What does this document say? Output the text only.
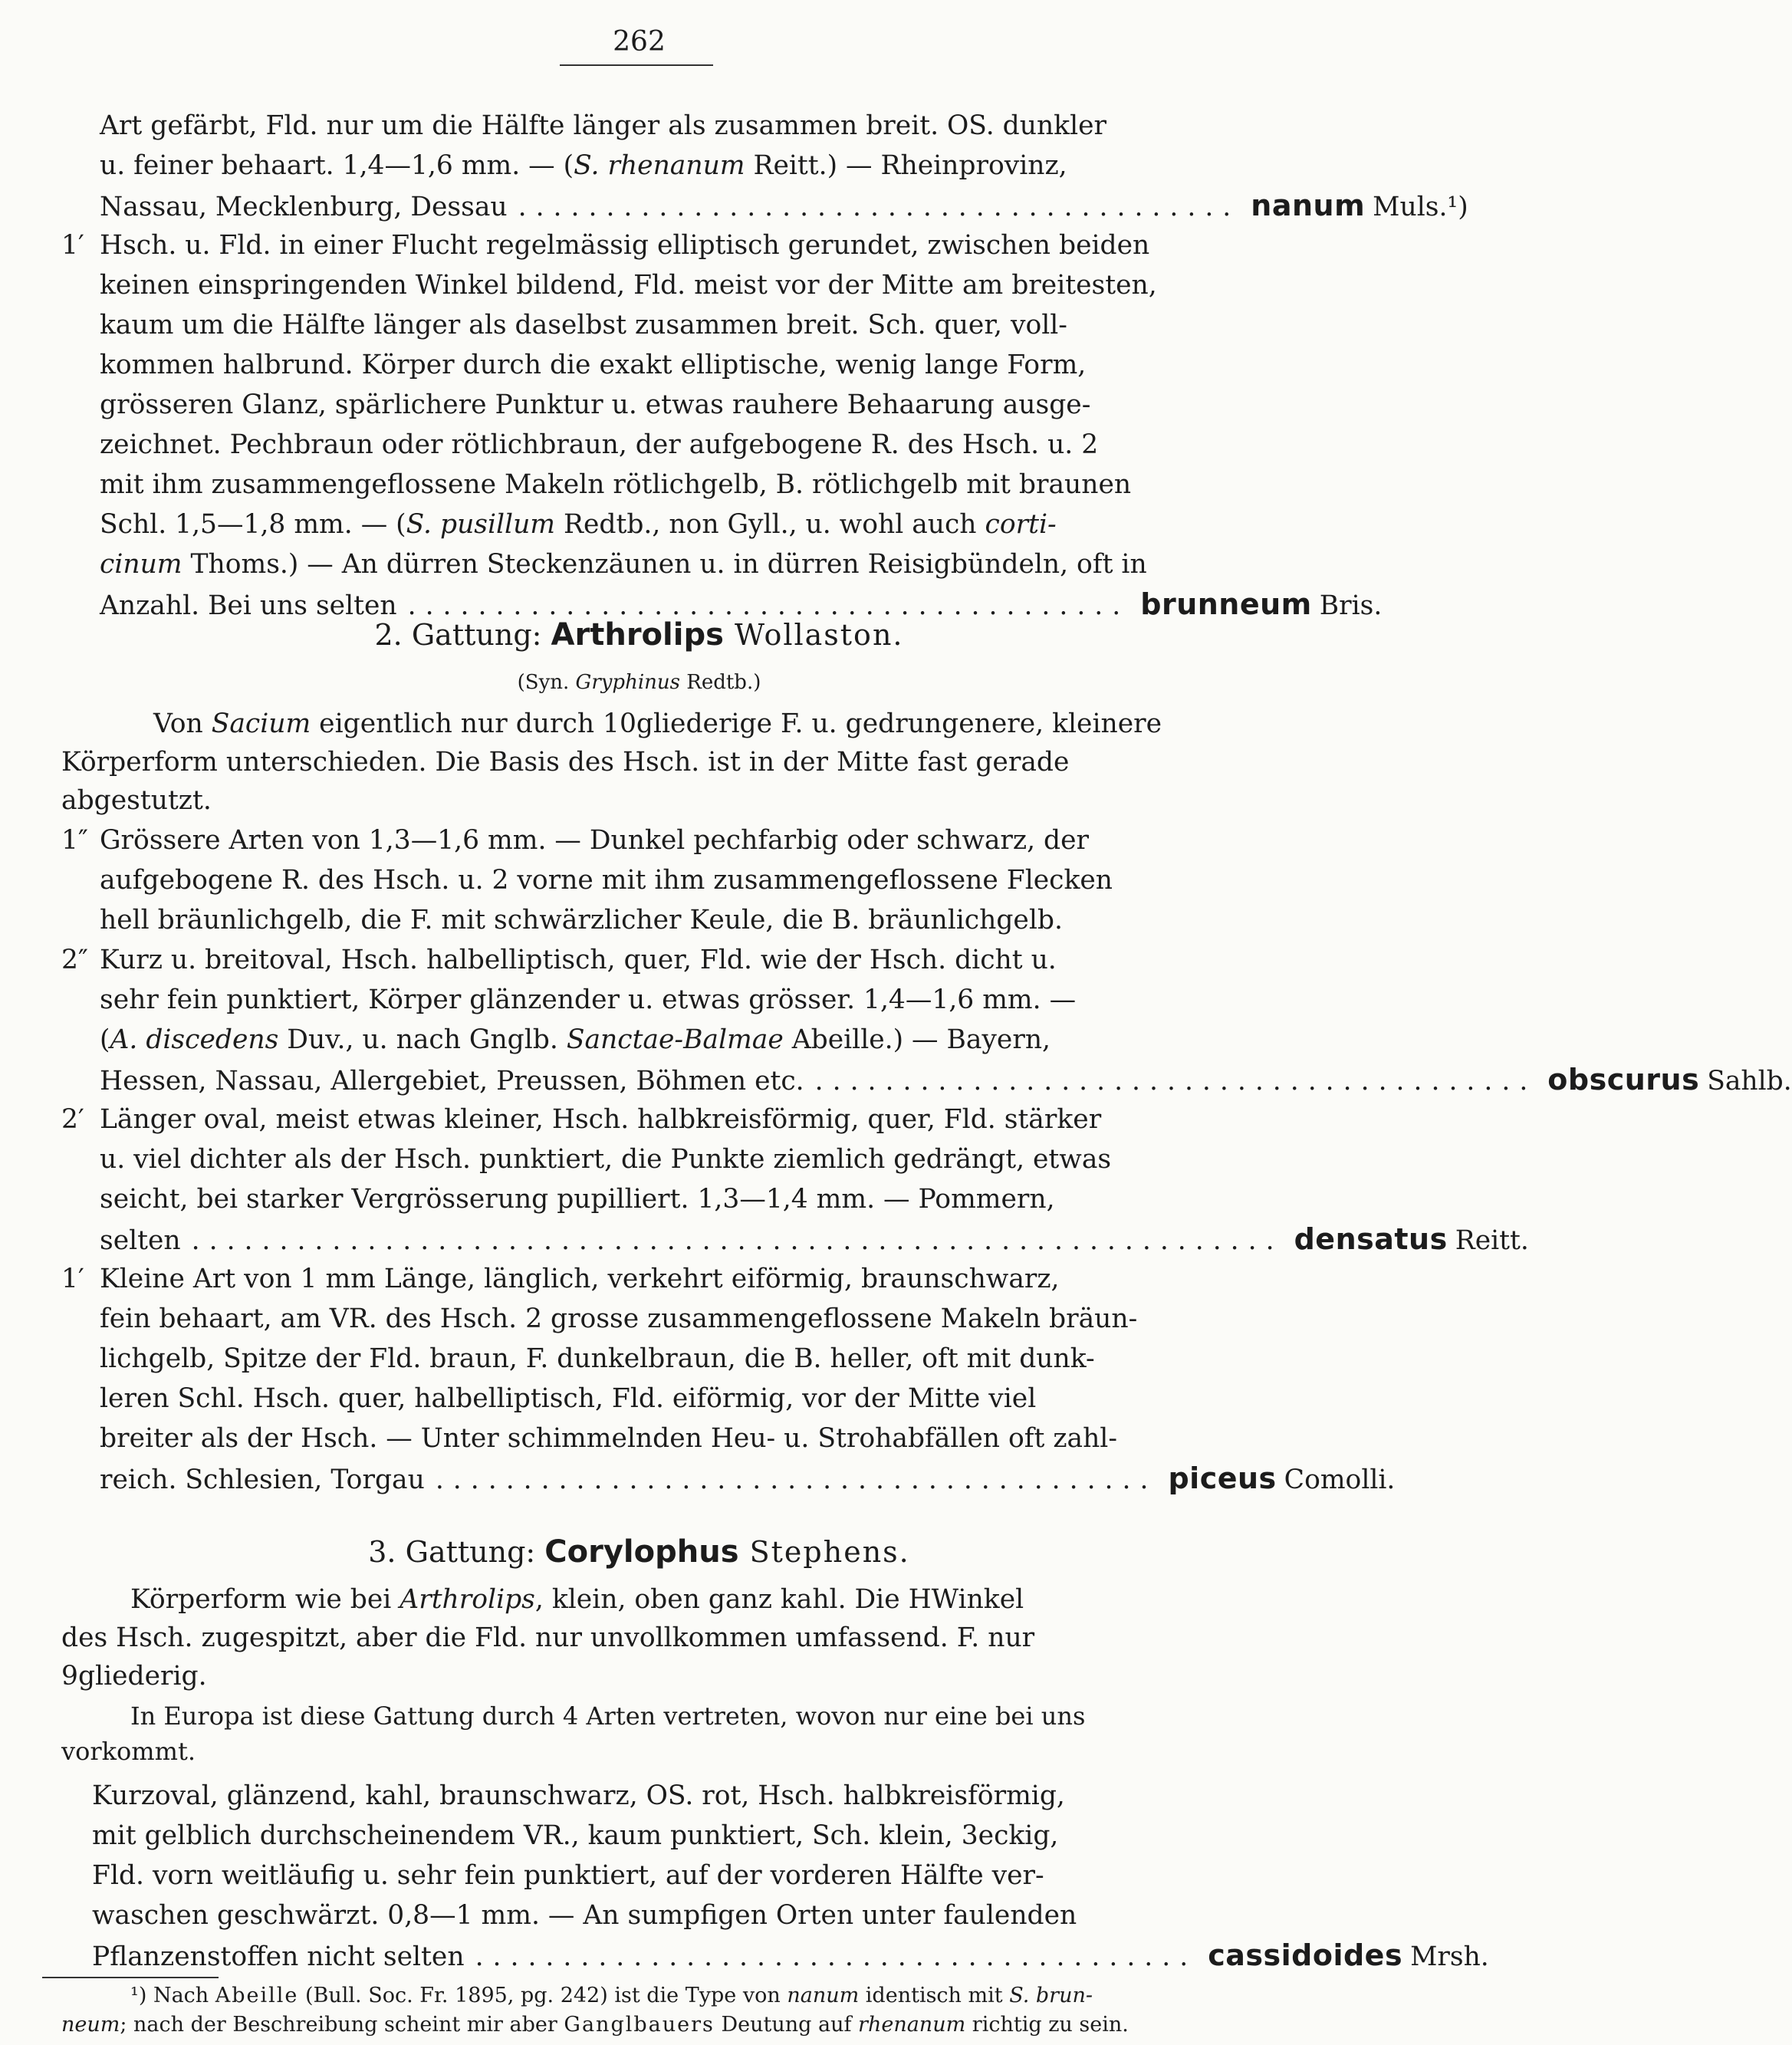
262
Art gefärbt, Fld. nur um die Hälfte länger als zusammen breit. OS. dunkler
u. feiner behaart. 1,4—1,6 mm. — (S. rhenanum Reitt.) — Rheinprovinz,
Nassau, Mecklenburg, Dessau ......................................... nanum Muls.¹)
1′ Hsch. u. Fld. in einer Flucht regelmässig elliptisch gerundet, zwischen beiden
keinen einspringenden Winkel bildend, Fld. meist vor der Mitte am breitesten,
kaum um die Hälfte länger als daselbst zusammen breit. Sch. quer, voll-
kommen halbrund. Körper durch die exakt elliptische, wenig lange Form,
grösseren Glanz, spärlichere Punktur u. etwas rauhere Behaarung ausge-
zeichnet. Pechbraun oder rötlichbraun, der aufgebogene R. des Hsch. u. 2
mit ihm zusammengeflossene Makeln rötlichgelb, B. rötlichgelb mit braunen
Schl. 1,5—1,8 mm. — (S. pusillum Redtb., non Gyll., u. wohl auch corti-
cinum Thoms.) — An dürren Steckenzäunen u. in dürren Reisigbündeln, oft in
Anzahl. Bei uns selten ......................................... brunneum Bris.
2. Gattung: Arthrolips Wollaston.
(Syn. Gryphinus Redtb.)
Von Sacium eigentlich nur durch 10gliederige F. u. gedrungenere, kleinere
Körperform unterschieden. Die Basis des Hsch. ist in der Mitte fast gerade
abgestutzt.
1″ Grössere Arten von 1,3—1,6 mm. — Dunkel pechfarbig oder schwarz, der
aufgebogene R. des Hsch. u. 2 vorne mit ihm zusammengeflossene Flecken
hell bräunlichgelb, die F. mit schwärzlicher Keule, die B. bräunlichgelb.
2″ Kurz u. breitoval, Hsch. halbelliptisch, quer, Fld. wie der Hsch. dicht u.
sehr fein punktiert, Körper glänzender u. etwas grösser. 1,4—1,6 mm. —
(A. discedens Duv., u. nach Gnglb. Sanctae-Balmae Abeille.) — Bayern,
Hessen, Nassau, Allergebiet, Preussen, Böhmen etc. ......................................... obscurus Sahlb.
2′ Länger oval, meist etwas kleiner, Hsch. halbkreisförmig, quer, Fld. stärker
u. viel dichter als der Hsch. punktiert, die Punkte ziemlich gedrängt, etwas
seicht, bei starker Vergrösserung pupilliert. 1,3—1,4 mm. — Pommern,
selten .............................................................. densatus Reitt.
1′ Kleine Art von 1 mm Länge, länglich, verkehrt eiförmig, braunschwarz,
fein behaart, am VR. des Hsch. 2 grosse zusammengeflossene Makeln bräun-
lichgelb, Spitze der Fld. braun, F. dunkelbraun, die B. heller, oft mit dunk-
leren Schl. Hsch. quer, halbelliptisch, Fld. eiförmig, vor der Mitte viel
breiter als der Hsch. — Unter schimmelnden Heu- u. Strohabfällen oft zahl-
reich. Schlesien, Torgau ......................................... piceus Comolli.
3. Gattung: Corylophus Stephens.
Körperform wie bei Arthrolips, klein, oben ganz kahl. Die HWinkel
des Hsch. zugespitzt, aber die Fld. nur unvollkommen umfassend. F. nur
9gliederig.
In Europa ist diese Gattung durch 4 Arten vertreten, wovon nur eine bei uns
vorkommt.
Kurzoval, glänzend, kahl, braunschwarz, OS. rot, Hsch. halbkreisförmig,
mit gelblich durchscheinendem VR., kaum punktiert, Sch. klein, 3eckig,
Fld. vorn weitläufig u. sehr fein punktiert, auf der vorderen Hälfte ver-
waschen geschwärzt. 0,8—1 mm. — An sumpfigen Orten unter faulenden
Pflanzenstoffen nicht selten ......................................... cassidoides Mrsh.
¹) Nach Abeille (Bull. Soc. Fr. 1895, pg. 242) ist die Type von nanum identisch mit S. brun-
neum; nach der Beschreibung scheint mir aber Ganglbauers Deutung auf rhenanum richtig zu sein.
